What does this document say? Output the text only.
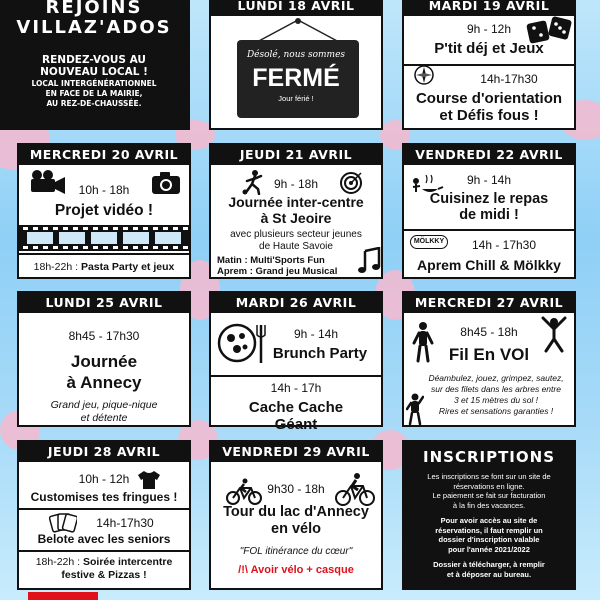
REJOINS
VILLAZ'ADOS
RENDEZ-VOUS AU
NOUVEAU LOCAL !
LOCAL INTERGÉNÉRATIONNEL
EN FACE DE LA MAIRIE,
AU REZ-DE-CHAUSSÉE.
LUNDI 18 AVRIL
Désolé, nous sommes
FERMÉ
Jour férié !
MARDI 19 AVRIL
9h - 12h
P'tit déj et Jeux
14h-17h30
Course d'orientation
et Défis fous !
MERCREDI 20 AVRIL
10h - 18h
Projet vidéo !
18h-22h : Pasta Party et jeux
JEUDI 21 AVRIL
9h - 18h
Journée inter-centre
à St Jeoire
avec plusieurs secteur jeunes
de Haute Savoie
Matin : Multi'Sports Fun
Aprem : Grand jeu Musical
VENDREDI 22 AVRIL
9h - 14h
Cuisinez le repas
de midi !
MÖLKKY	14h - 17h30
Aprem Chill & Mölkky
LUNDI 25 AVRIL
8h45 - 17h30
Journée
à Annecy
Grand jeu, pique-nique
et détente
MARDI 26 AVRIL
9h - 14h
Brunch Party
14h - 17h
Cache Cache
Géant
MERCREDI 27 AVRIL
8h45 - 18h
Fil En VOl
Déambulez, jouez, grimpez, sautez,
sur des filets dans les arbres entre
3 et 15 mètres du sol !
Rires et sensations garanties !
JEUDI 28 AVRIL
10h - 12h
Customises tes fringues !
14h-17h30
Belote avec les seniors
18h-22h : Soirée intercentre
festive & Pizzas !
VENDREDI 29 AVRIL
9h30 - 18h
Tour du lac d'Annecy
en vélo
"FOL itinérance du cœur"
/!\ Avoir vélo + casque
INSCRIPTIONS
Les inscriptions se font sur un site de
réservations en ligne.
Le paiement se fait sur facturation
à la fin des vacances.
Pour avoir accès au site de
réservations, il faut remplir un
dossier d'inscription valable
pour l'année 2021/2022
Dossier à télécharger, à remplir
et à déposer au bureau.
